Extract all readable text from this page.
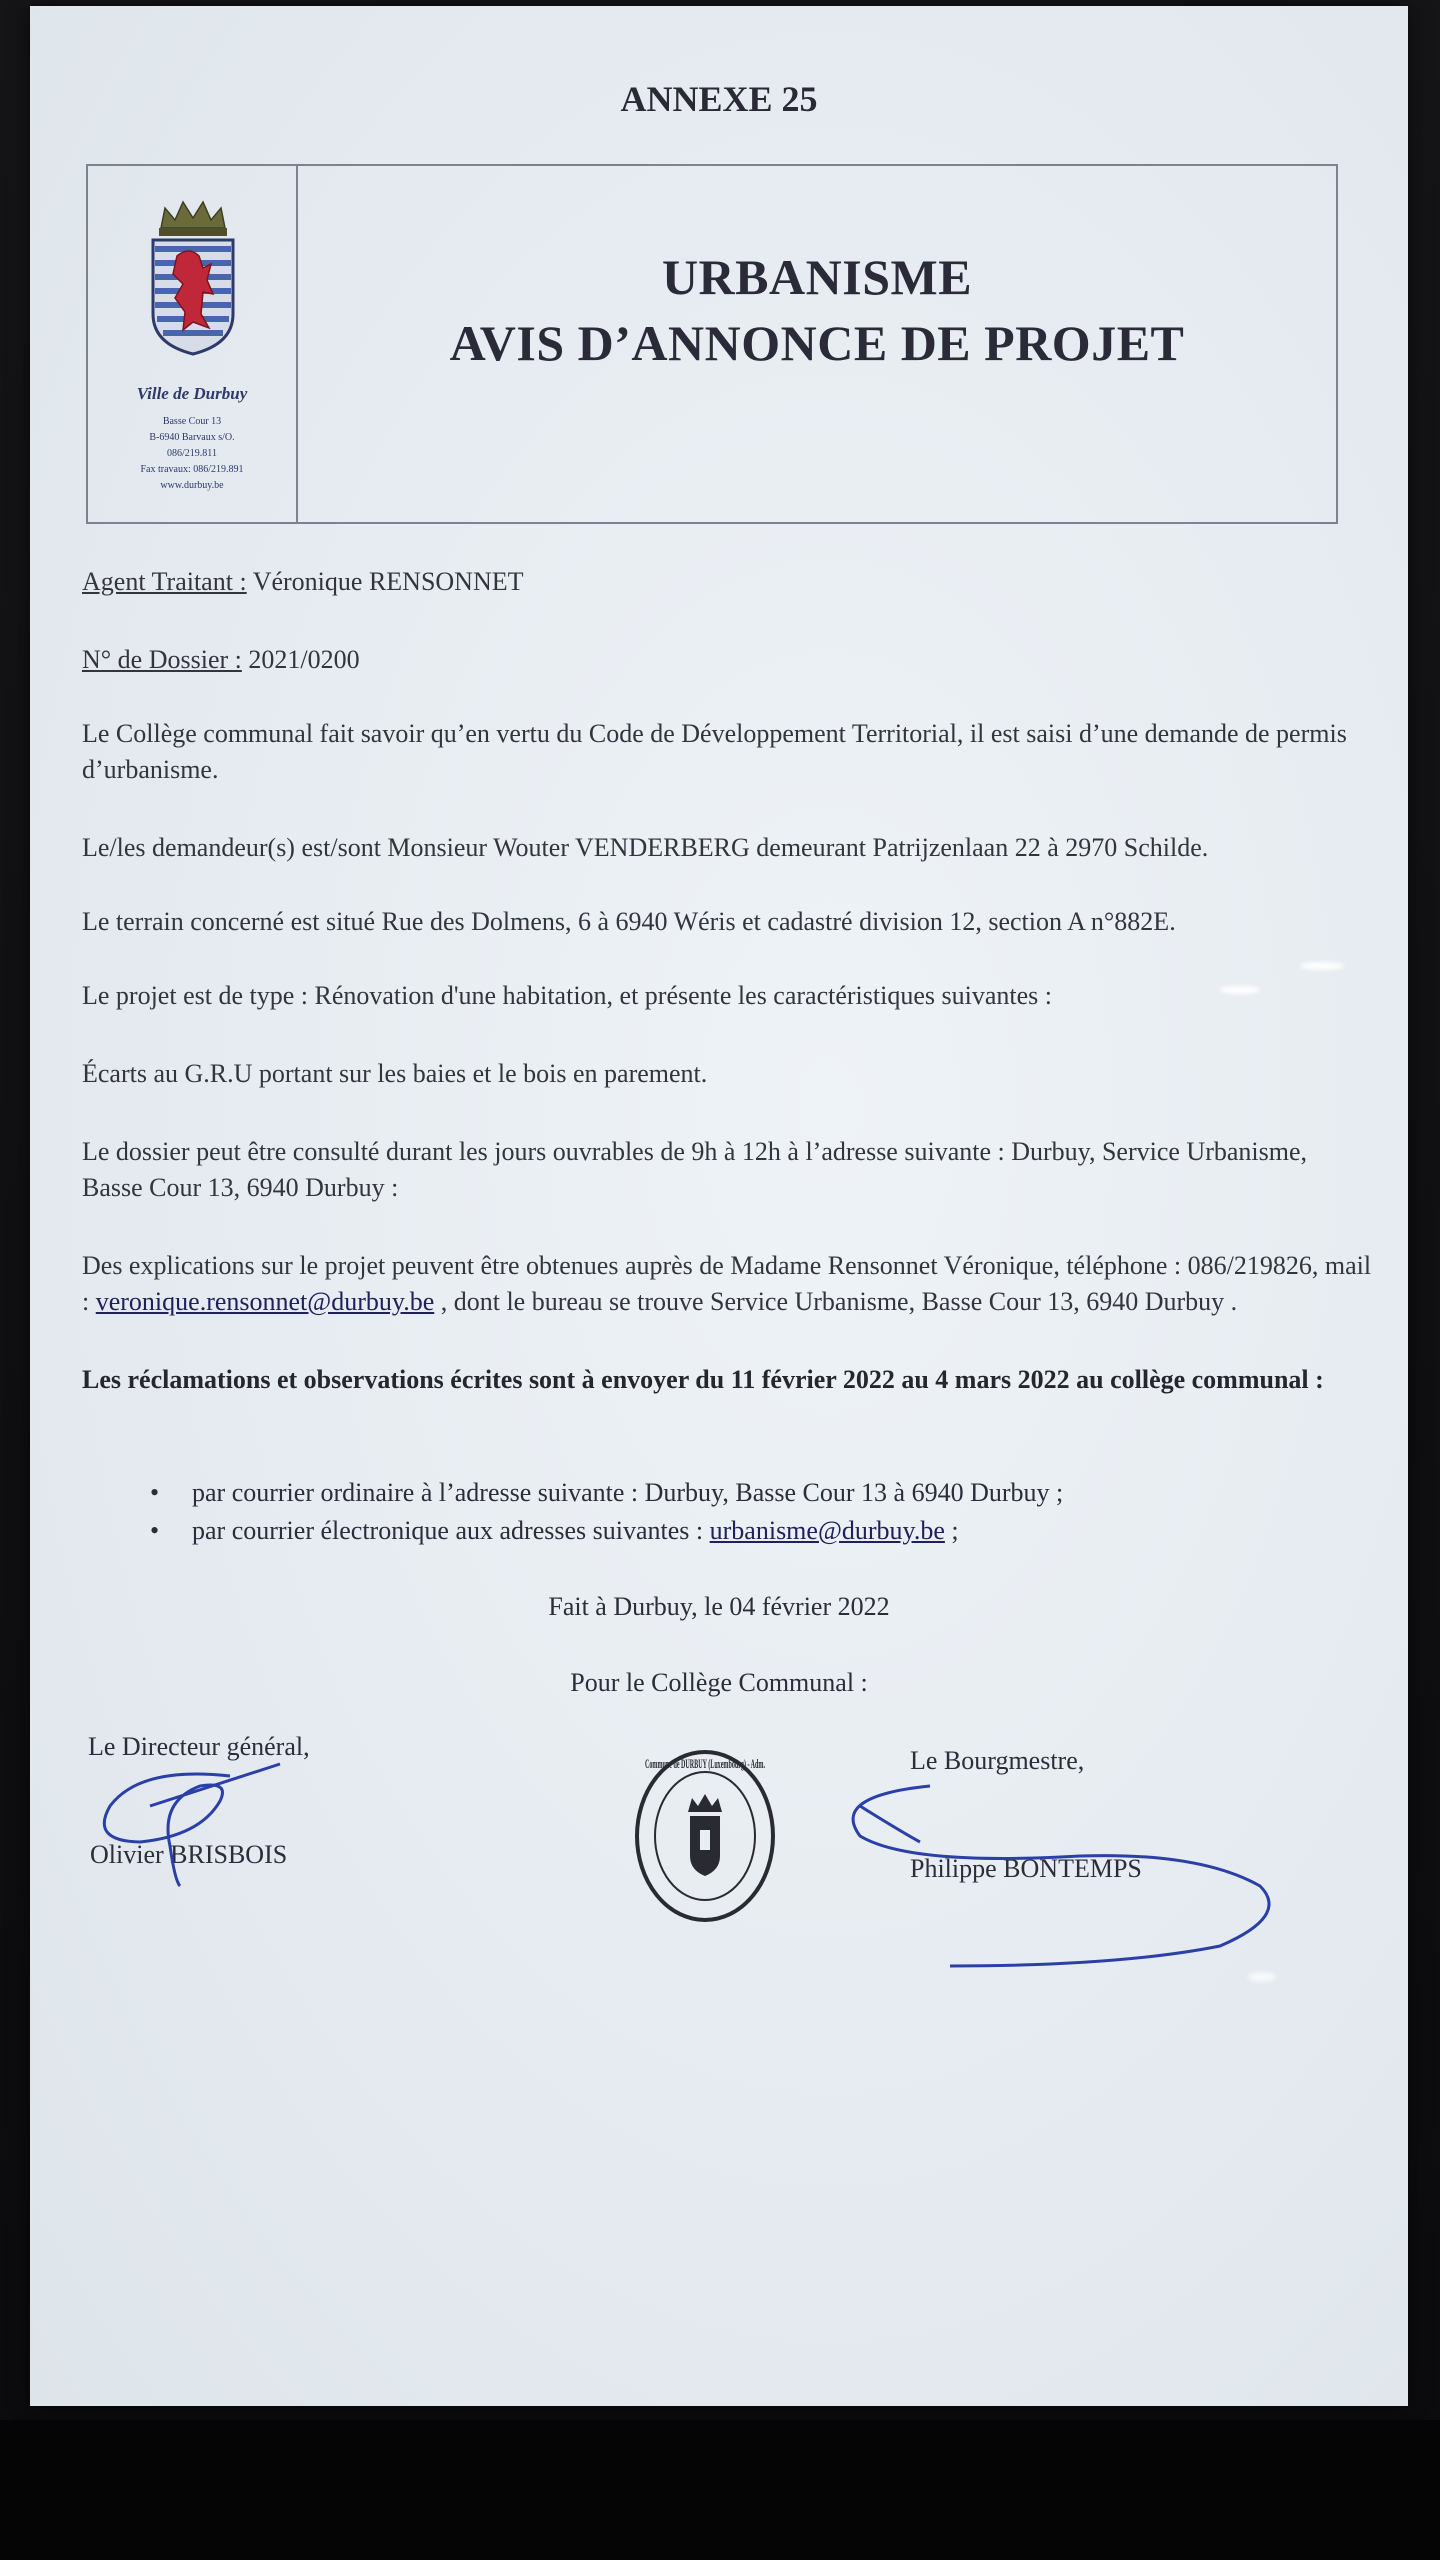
ANNEXE 25
Ville de Durbuy
Basse Cour 13
B-6940 Barvaux s/O.
086/219.811
Fax travaux: 086/219.891
www.durbuy.be
URBANISME
AVIS D’ANNONCE DE PROJET
Agent Traitant : Véronique RENSONNET
N° de Dossier : 2021/0200
Le Collège communal fait savoir qu’en vertu du Code de Développement Territorial, il est saisi d’une demande de permis d’urbanisme.
Le/les demandeur(s) est/sont Monsieur Wouter VENDERBERG demeurant Patrijzenlaan 22 à 2970 Schilde.
Le terrain concerné est situé Rue des Dolmens, 6 à 6940 Wéris et cadastré division 12, section A n°882E.
Le projet est de type : Rénovation d'une habitation, et présente les caractéristiques suivantes :
Écarts au G.R.U portant sur les baies et le bois en parement.
Le dossier peut être consulté durant les jours ouvrables de 9h à 12h à l’adresse suivante : Durbuy, Service Urbanisme, Basse Cour 13, 6940 Durbuy :
Des explications sur le projet peuvent être obtenues auprès de Madame Rensonnet Véronique, téléphone : 086/219826, mail : veronique.rensonnet@durbuy.be , dont le bureau se trouve Service Urbanisme, Basse Cour 13, 6940 Durbuy .
Les réclamations et observations écrites sont à envoyer du 11 février 2022 au 4 mars 2022 au collège communal :
• par courrier ordinaire à l’adresse suivante : Durbuy, Basse Cour 13 à 6940 Durbuy ;
• par courrier électronique aux adresses suivantes : urbanisme@durbuy.be ;
Fait à Durbuy, le 04 février 2022
Pour le Collège Communal :
Le Directeur général,
Olivier BRISBOIS
Le Bourgmestre,
Philippe BONTEMPS
Commune de DURBUY (Luxembourg) - Adm.
